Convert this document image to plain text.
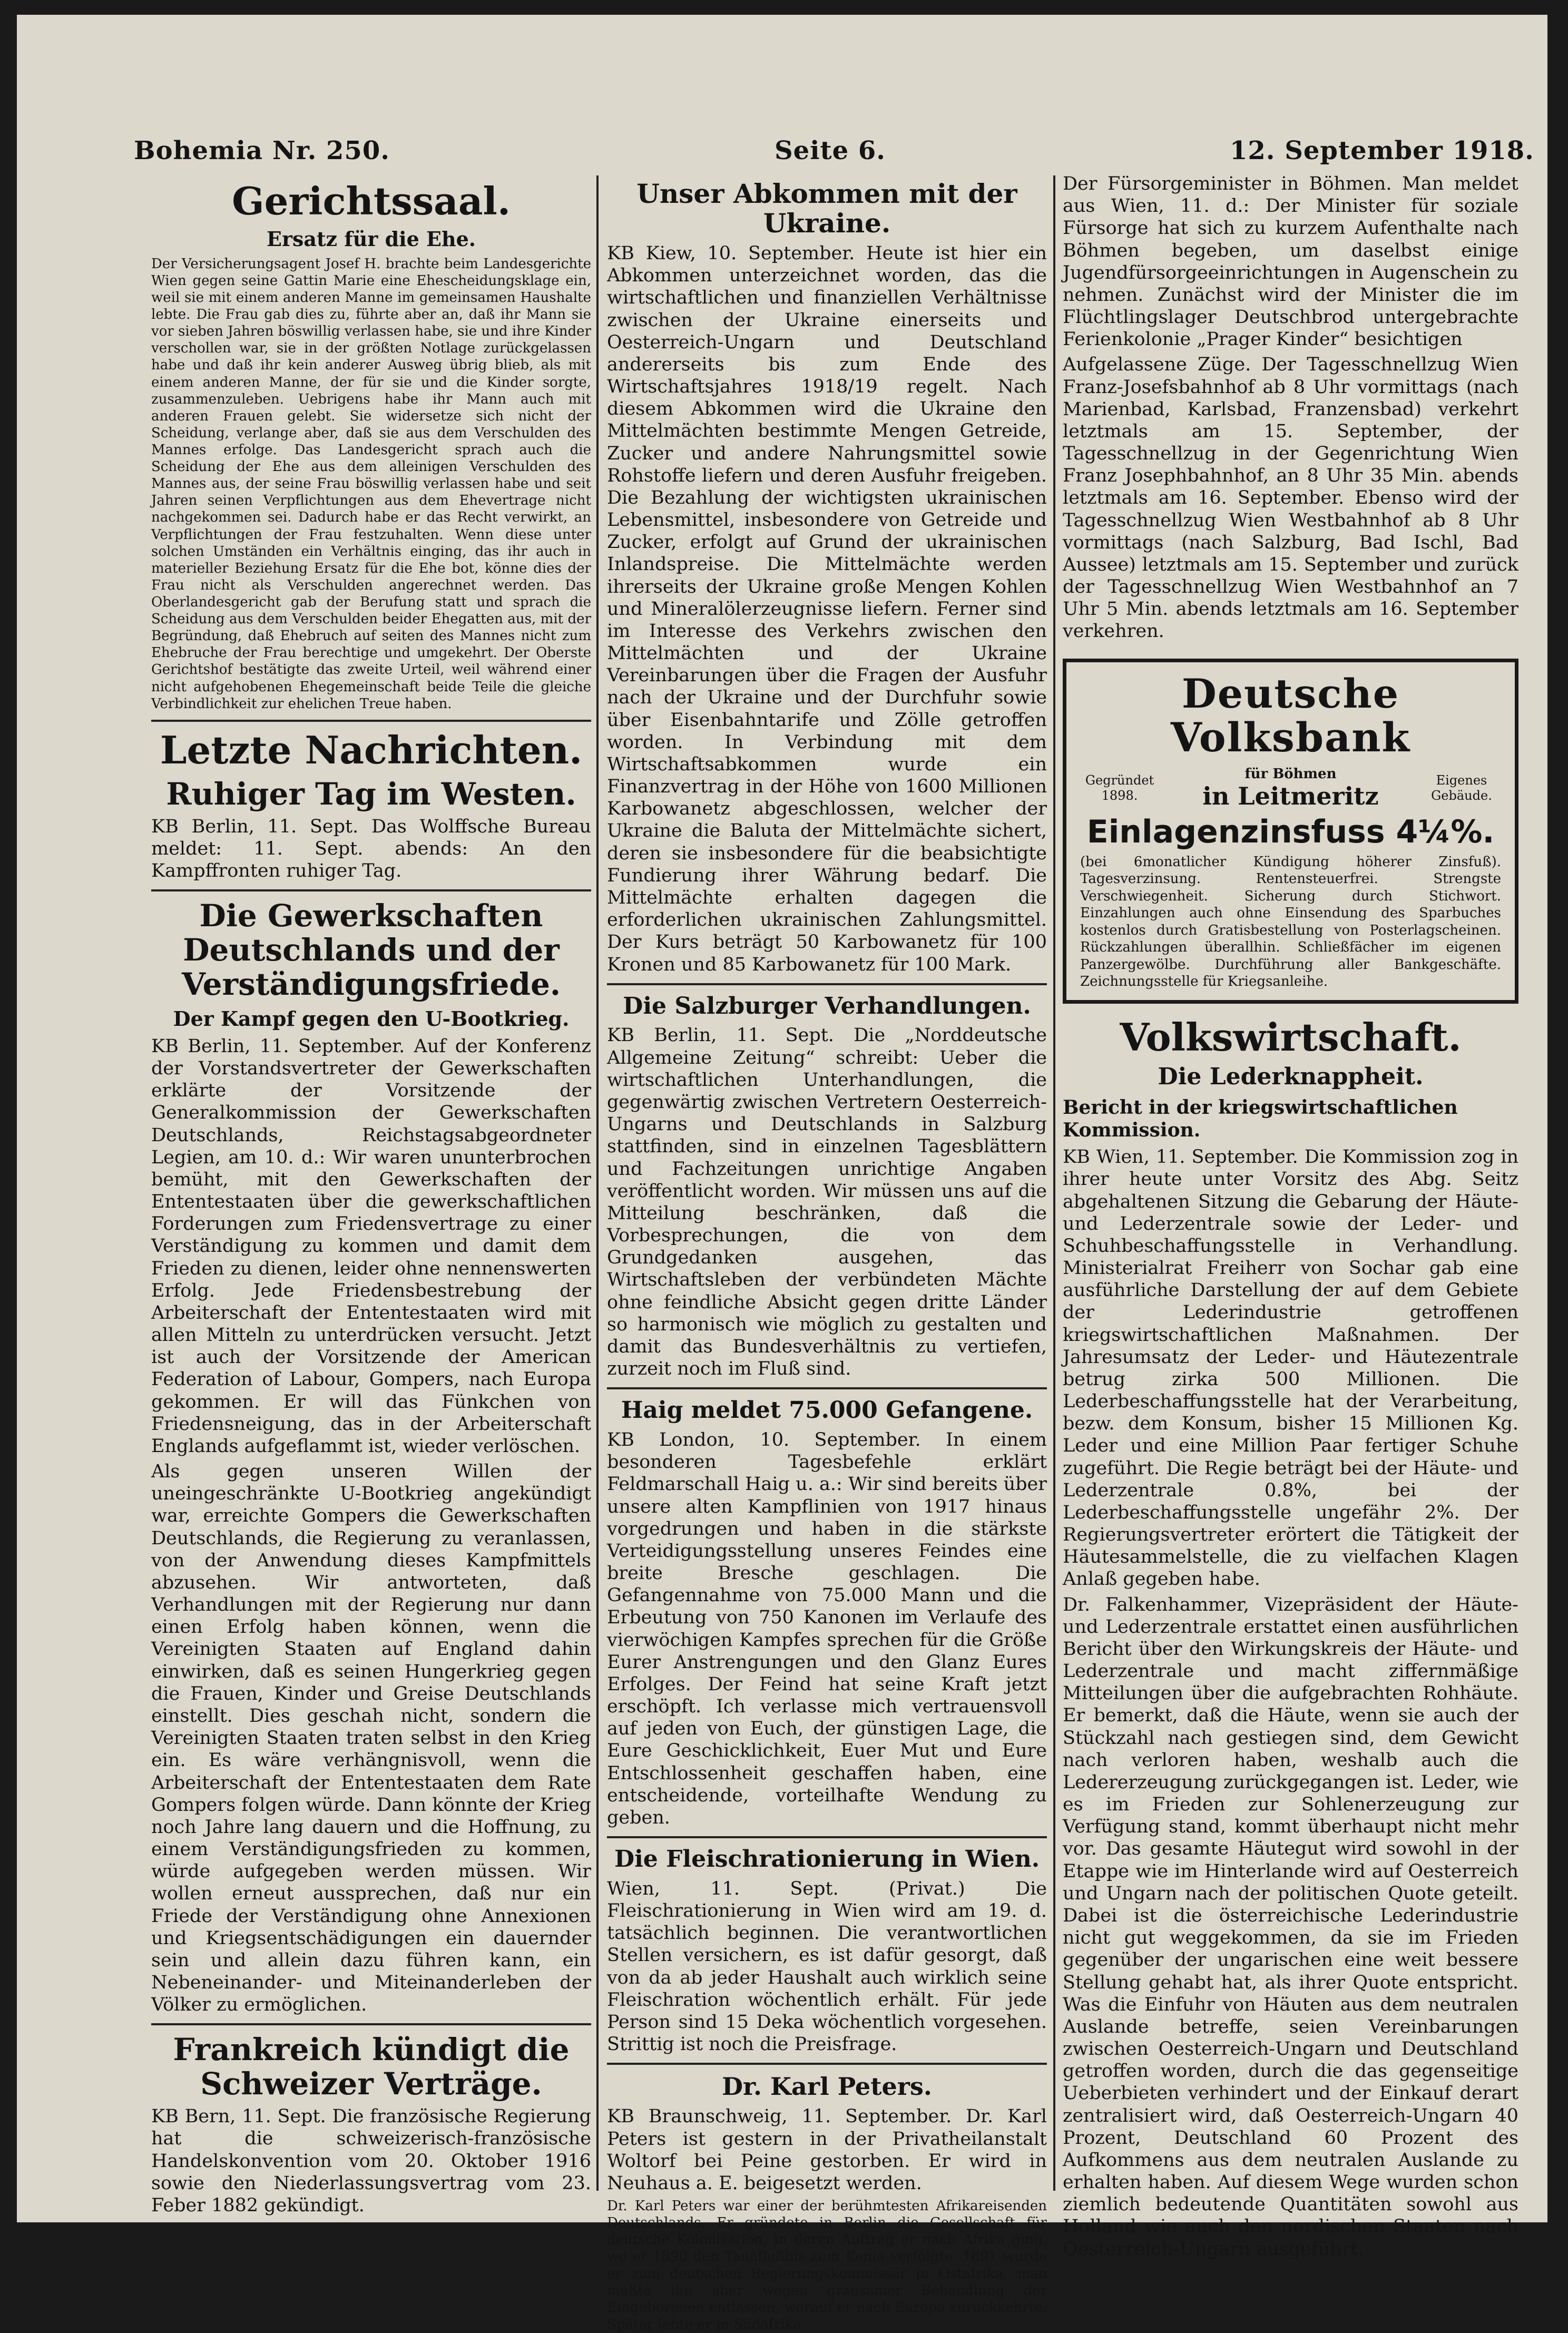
Bohemia Nr. 250.	Seite 6.	12. September 1918.
Gerichtssaal.
Ersatz für die Ehe.

Der Versicherungsagent Josef H. brachte beim Landesgerichte Wien gegen seine Gattin Marie eine Ehescheidungsklage ein, weil sie mit einem anderen Manne im gemeinsamen Haushalte lebte. Die Frau gab dies zu, führte aber an, daß ihr Mann sie vor sieben Jahren böswillig verlassen habe, sie und ihre Kinder verschollen war, sie in der größten Notlage zurückgelassen habe und daß ihr kein anderer Ausweg übrig blieb, als mit einem anderen Manne, der für sie und die Kinder sorgte, zusammenzuleben. Uebrigens habe ihr Mann auch mit anderen Frauen gelebt. Sie widersetze sich nicht der Scheidung, verlange aber, daß sie aus dem Verschulden des Mannes erfolge. Das Landesgericht sprach auch die Scheidung der Ehe aus dem alleinigen Verschulden des Mannes aus, der seine Frau böswillig verlassen habe und seit Jahren seinen Verpflichtungen aus dem Ehevertrage nicht nachgekommen sei. Dadurch habe er das Recht verwirkt, an Verpflichtungen der Frau festzuhalten. Wenn diese unter solchen Umständen ein Verhältnis einging, das ihr auch in materieller Beziehung Ersatz für die Ehe bot, könne dies der Frau nicht als Verschulden angerechnet werden. Das Oberlandesgericht gab der Berufung statt und sprach die Scheidung aus dem Verschulden beider Ehegatten aus, mit der Begründung, daß Ehebruch auf seiten des Mannes nicht zum Ehebruche der Frau berechtige und umgekehrt. Der Oberste Gerichtshof bestätigte das zweite Urteil, weil während einer nicht aufgehobenen Ehegemeinschaft beide Teile die gleiche Verbindlichkeit zur ehelichen Treue haben.

Letzte Nachrichten.
Ruhiger Tag im Westen.

KB Berlin, 11. Sept. Das Wolffsche Bureau meldet: 11. Sept. abends: An den Kampffronten ruhiger Tag.

Die Gewerkschaften Deutschlands und der Verständigungsfriede.
Der Kampf gegen den U-Bootkrieg.

KB Berlin, 11. September. Auf der Konferenz der Vorstandsvertreter der Gewerkschaften erklärte der Vorsitzende der Generalkommission der Gewerkschaften Deutschlands, Reichstagsabgeordneter Legien, am 10. d.: Wir waren ununterbrochen bemüht, mit den Gewerkschaften der Ententestaaten über die gewerkschaftlichen Forderungen zum Friedensvertrage zu einer Verständigung zu kommen und damit dem Frieden zu dienen, leider ohne nennenswerten Erfolg. Jede Friedensbestrebung der Arbeiterschaft der Ententestaaten wird mit allen Mitteln zu unterdrücken versucht. Jetzt ist auch der Vorsitzende der American Federation of Labour, Gompers, nach Europa gekommen. Er will das Fünkchen von Friedensneigung, das in der Arbeiterschaft Englands aufgeflammt ist, wieder verlöschen.

Als gegen unseren Willen der uneingeschränkte U-Bootkrieg angekündigt war, erreichte Gompers die Gewerkschaften Deutschlands, die Regierung zu veranlassen, von der Anwendung dieses Kampfmittels abzusehen. Wir antworteten, daß Verhandlungen mit der Regierung nur dann einen Erfolg haben können, wenn die Vereinigten Staaten auf England dahin einwirken, daß es seinen Hungerkrieg gegen die Frauen, Kinder und Greise Deutschlands einstellt. Dies geschah nicht, sondern die Vereinigten Staaten traten selbst in den Krieg ein. Es wäre verhängnisvoll, wenn die Arbeiterschaft der Ententestaaten dem Rate Gompers folgen würde. Dann könnte der Krieg noch Jahre lang dauern und die Hoffnung, zu einem Verständigungsfrieden zu kommen, würde aufgegeben werden müssen. Wir wollen erneut aussprechen, daß nur ein Friede der Verständigung ohne Annexionen und Kriegsentschädigungen ein dauernder sein und allein dazu führen kann, ein Nebeneinander- und Miteinanderleben der Völker zu ermöglichen.

Frankreich kündigt die Schweizer Verträge.

KB Bern, 11. Sept. Die französische Regierung hat die schweizerisch-französische Handelskonvention vom 20. Oktober 1916 sowie den Niederlassungsvertrag vom 23. Feber 1882 gekündigt.

Unser Abkommen mit der Ukraine.

KB Kiew, 10. September. Heute ist hier ein Abkommen unterzeichnet worden, das die wirtschaftlichen und finanziellen Verhältnisse zwischen der Ukraine einerseits und Oesterreich-Ungarn und Deutschland andererseits bis zum Ende des Wirtschaftsjahres 1918/19 regelt. Nach diesem Abkommen wird die Ukraine den Mittelmächten bestimmte Mengen Getreide, Zucker und andere Nahrungsmittel sowie Rohstoffe liefern und deren Ausfuhr freigeben. Die Bezahlung der wichtigsten ukrainischen Lebensmittel, insbesondere von Getreide und Zucker, erfolgt auf Grund der ukrainischen Inlandspreise. Die Mittelmächte werden ihrerseits der Ukraine große Mengen Kohlen und Mineralölerzeugnisse liefern. Ferner sind im Interesse des Verkehrs zwischen den Mittelmächten und der Ukraine Vereinbarungen über die Fragen der Ausfuhr nach der Ukraine und der Durchfuhr sowie über Eisenbahntarife und Zölle getroffen worden. In Verbindung mit dem Wirtschaftsabkommen wurde ein Finanzvertrag in der Höhe von 1600 Millionen Karbowanetz abgeschlossen, welcher der Ukraine die Baluta der Mittelmächte sichert, deren sie insbesondere für die beabsichtigte Fundierung ihrer Währung bedarf. Die Mittelmächte erhalten dagegen die erforderlichen ukrainischen Zahlungsmittel. Der Kurs beträgt 50 Karbowanetz für 100 Kronen und 85 Karbowanetz für 100 Mark.

Die Salzburger Verhandlungen.

KB Berlin, 11. Sept. Die „Norddeutsche Allgemeine Zeitung“ schreibt: Ueber die wirtschaftlichen Unterhandlungen, die gegenwärtig zwischen Vertretern Oesterreich-Ungarns und Deutschlands in Salzburg stattfinden, sind in einzelnen Tagesblättern und Fachzeitungen unrichtige Angaben veröffentlicht worden. Wir müssen uns auf die Mitteilung beschränken, daß die Vorbesprechungen, die von dem Grundgedanken ausgehen, das Wirtschaftsleben der verbündeten Mächte ohne feindliche Absicht gegen dritte Länder so harmonisch wie möglich zu gestalten und damit das Bundesverhältnis zu vertiefen, zurzeit noch im Fluß sind.

Haig meldet 75.000 Gefangene.

KB London, 10. September. In einem besonderen Tagesbefehle erklärt Feldmarschall Haig u. a.: Wir sind bereits über unsere alten Kampflinien von 1917 hinaus vorgedrungen und haben in die stärkste Verteidigungsstellung unseres Feindes eine breite Bresche geschlagen. Die Gefangennahme von 75.000 Mann und die Erbeutung von 750 Kanonen im Verlaufe des vierwöchigen Kampfes sprechen für die Größe Eurer Anstrengungen und den Glanz Eures Erfolges. Der Feind hat seine Kraft jetzt erschöpft. Ich verlasse mich vertrauensvoll auf jeden von Euch, der günstigen Lage, die Eure Geschicklichkeit, Euer Mut und Eure Entschlossenheit geschaffen haben, eine entscheidende, vorteilhafte Wendung zu geben.

Die Fleischrationierung in Wien.

Wien, 11. Sept. (Privat.) Die Fleischrationierung in Wien wird am 19. d. tatsächlich beginnen. Die verantwortlichen Stellen versichern, es ist dafür gesorgt, daß von da ab jeder Haushalt auch wirklich seine Fleischration wöchentlich erhält. Für jede Person sind 15 Deka wöchentlich vorgesehen. Strittig ist noch die Preisfrage.

Dr. Karl Peters.

KB Braunschweig, 11. September. Dr. Karl Peters ist gestern in der Privatheilanstalt Woltorf bei Peine gestorben. Er wird in Neuhaus a. E. beigesetzt werden.

Dr. Karl Peters war einer der berühmtesten Afrikareisenden Deutschlands. Er gründete in Berlin die Gesellschaft für deutsche Kolonisation, in deren Auftrag er nach Afrika ging, wo er 1890 den Tanaflußbis zum Kenia verfolgte. 1891 wurde er zum deutschen Regierungskommissär in Ostafrika, man mußte ihn aber wegen grausamer Behandlung der Eingeborenen entlassen, worauf er nach Europa zurückkehrte. Später lebte er in Südafrika.

Der Fürsorgeminister in Böhmen. Man meldet aus Wien, 11. d.: Der Minister für soziale Fürsorge hat sich zu kurzem Aufenthalte nach Böhmen begeben, um daselbst einige Jugendfürsorgeeinrichtungen in Augenschein zu nehmen. Zunächst wird der Minister die im Flüchtlingslager Deutschbrod untergebrachte Ferienkolonie „Prager Kinder“ besichtigen

Aufgelassene Züge. Der Tagesschnellzug Wien Franz-Josefsbahnhof ab 8 Uhr vormittags (nach Marienbad, Karlsbad, Franzensbad) verkehrt letztmals am 15. September, der Tagesschnellzug in der Gegenrichtung Wien Franz Josephbahnhof, an 8 Uhr 35 Min. abends letztmals am 16. September. Ebenso wird der Tagesschnellzug Wien Westbahnhof ab 8 Uhr vormittags (nach Salzburg, Bad Ischl, Bad Aussee) letztmals am 15. September und zurück der Tagesschnellzug Wien Westbahnhof an 7 Uhr 5 Min. abends letztmals am 16. September verkehren.

Deutsche Volksbank
Gegründet 1898.
für Böhmen
in Leitmeritz
Eigenes Gebäude.
Einlagenzinsfuss 4¼%.
(bei 6monatlicher Kündigung höherer Zinsfuß). Tagesverzinsung. Rentensteuerfrei. Strengste Verschwiegenheit. Sicherung durch Stichwort. Einzahlungen auch ohne Einsendung des Sparbuches kostenlos durch Gratisbestellung von Posterlagscheinen. Rückzahlungen überallhin. Schließfächer im eigenen Panzergewölbe. Durchführung aller Bankgeschäfte. Zeichnungsstelle für Kriegsanleihe.
Volkswirtschaft.
Die Lederknappheit.
Bericht in der kriegswirtschaftlichen Kommission.

KB Wien, 11. September. Die Kommission zog in ihrer heute unter Vorsitz des Abg. Seitz abgehaltenen Sitzung die Gebarung der Häute- und Lederzentrale sowie der Leder- und Schuhbeschaffungsstelle in Verhandlung. Ministerialrat Freiherr von Sochar gab eine ausführliche Darstellung der auf dem Gebiete der Lederindustrie getroffenen kriegswirtschaftlichen Maßnahmen. Der Jahresumsatz der Leder- und Häutezentrale betrug zirka 500 Millionen. Die Lederbeschaffungsstelle hat der Verarbeitung, bezw. dem Konsum, bisher 15 Millionen Kg. Leder und eine Million Paar fertiger Schuhe zugeführt. Die Regie beträgt bei der Häute- und Lederzentrale 0.8%, bei der Lederbeschaffungsstelle ungefähr 2%. Der Regierungsvertreter erörtert die Tätigkeit der Häutesammelstelle, die zu vielfachen Klagen Anlaß gegeben habe.

Dr. Falkenhammer, Vizepräsident der Häute- und Lederzentrale erstattet einen ausführlichen Bericht über den Wirkungskreis der Häute- und Lederzentrale und macht ziffernmäßige Mitteilungen über die aufgebrachten Rohhäute. Er bemerkt, daß die Häute, wenn sie auch der Stückzahl nach gestiegen sind, dem Gewicht nach verloren haben, weshalb auch die Ledererzeugung zurückgegangen ist. Leder, wie es im Frieden zur Sohlenerzeugung zur Verfügung stand, kommt überhaupt nicht mehr vor. Das gesamte Häutegut wird sowohl in der Etappe wie im Hinterlande wird auf Oesterreich und Ungarn nach der politischen Quote geteilt. Dabei ist die österreichische Lederindustrie nicht gut weggekommen, da sie im Frieden gegenüber der ungarischen eine weit bessere Stellung gehabt hat, als ihrer Quote entspricht. Was die Einfuhr von Häuten aus dem neutralen Auslande betreffe, seien Vereinbarungen zwischen Oesterreich-Ungarn und Deutschland getroffen worden, durch die das gegenseitige Ueberbieten verhindert und der Einkauf derart zentralisiert wird, daß Oesterreich-Ungarn 40 Prozent, Deutschland 60 Prozent des Aufkommens aus dem neutralen Auslande zu erhalten haben. Auf diesem Wege wurden schon ziemlich bedeutende Quantitäten sowohl aus Holland wie auch den nordischen Staaten nach Oesterreich-Ungarn ausgeführt.
